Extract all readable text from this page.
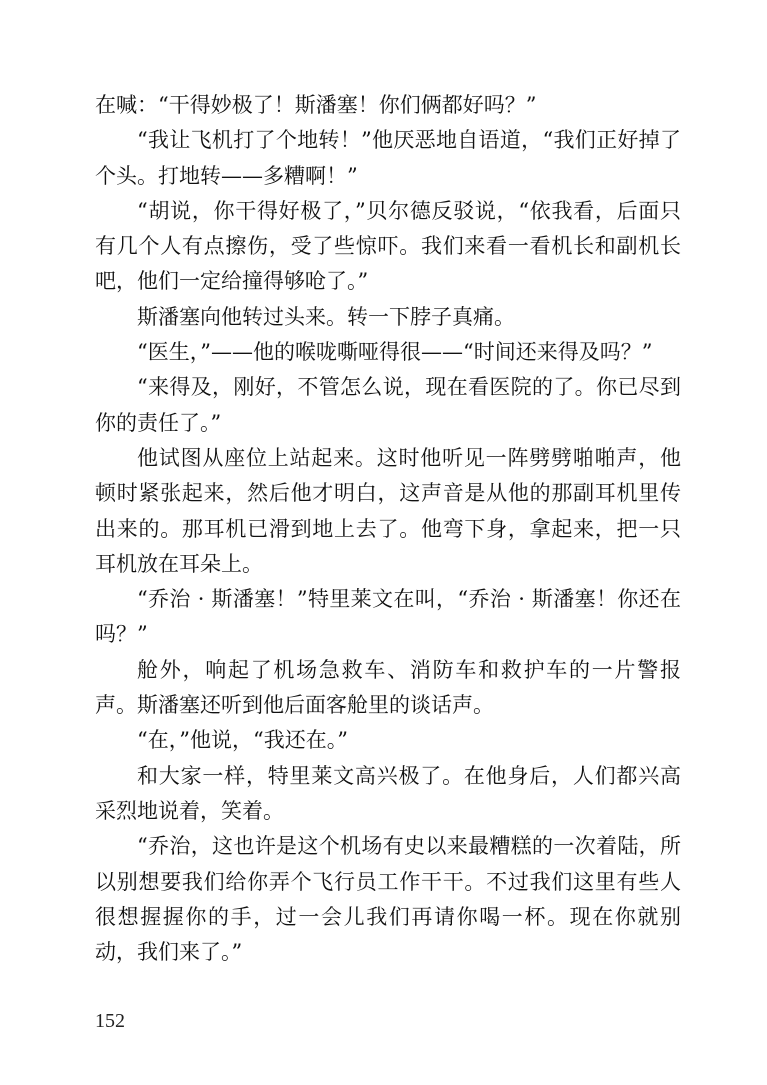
在喊：“干得妙极了！斯潘塞！你们俩都好吗？”

“我让飞机打了个地转！”他厌恶地自语道，“我们正好掉了个头。打地转——多糟啊！”

“胡说，你干得好极了，”贝尔德反驳说，“依我看，后面只有几个人有点擦伤，受了些惊吓。我们来看一看机长和副机长吧，他们一定给撞得够呛了。”

斯潘塞向他转过头来。转一下脖子真痛。

“医生，”——他的喉咙嘶哑得很——“时间还来得及吗？”

“来得及，刚好，不管怎么说，现在看医院的了。你已尽到你的责任了。”

他试图从座位上站起来。这时他听见一阵劈劈啪啪声，他顿时紧张起来，然后他才明白，这声音是从他的那副耳机里传出来的。那耳机已滑到地上去了。他弯下身，拿起来，把一只耳机放在耳朵上。

“乔治 · 斯潘塞！”特里莱文在叫，“乔治 · 斯潘塞！你还在吗？”

舱外，响起了机场急救车、消防车和救护车的一片警报声。斯潘塞还听到他后面客舱里的谈话声。

“在，”他说，“我还在。”

和大家一样，特里莱文高兴极了。在他身后，人们都兴高采烈地说着，笑着。

“乔治，这也许是这个机场有史以来最糟糕的一次着陆，所以别想要我们给你弄个飞行员工作干干。不过我们这里有些人很想握握你的手，过一会儿我们再请你喝一杯。现在你就别动，我们来了。”

152
